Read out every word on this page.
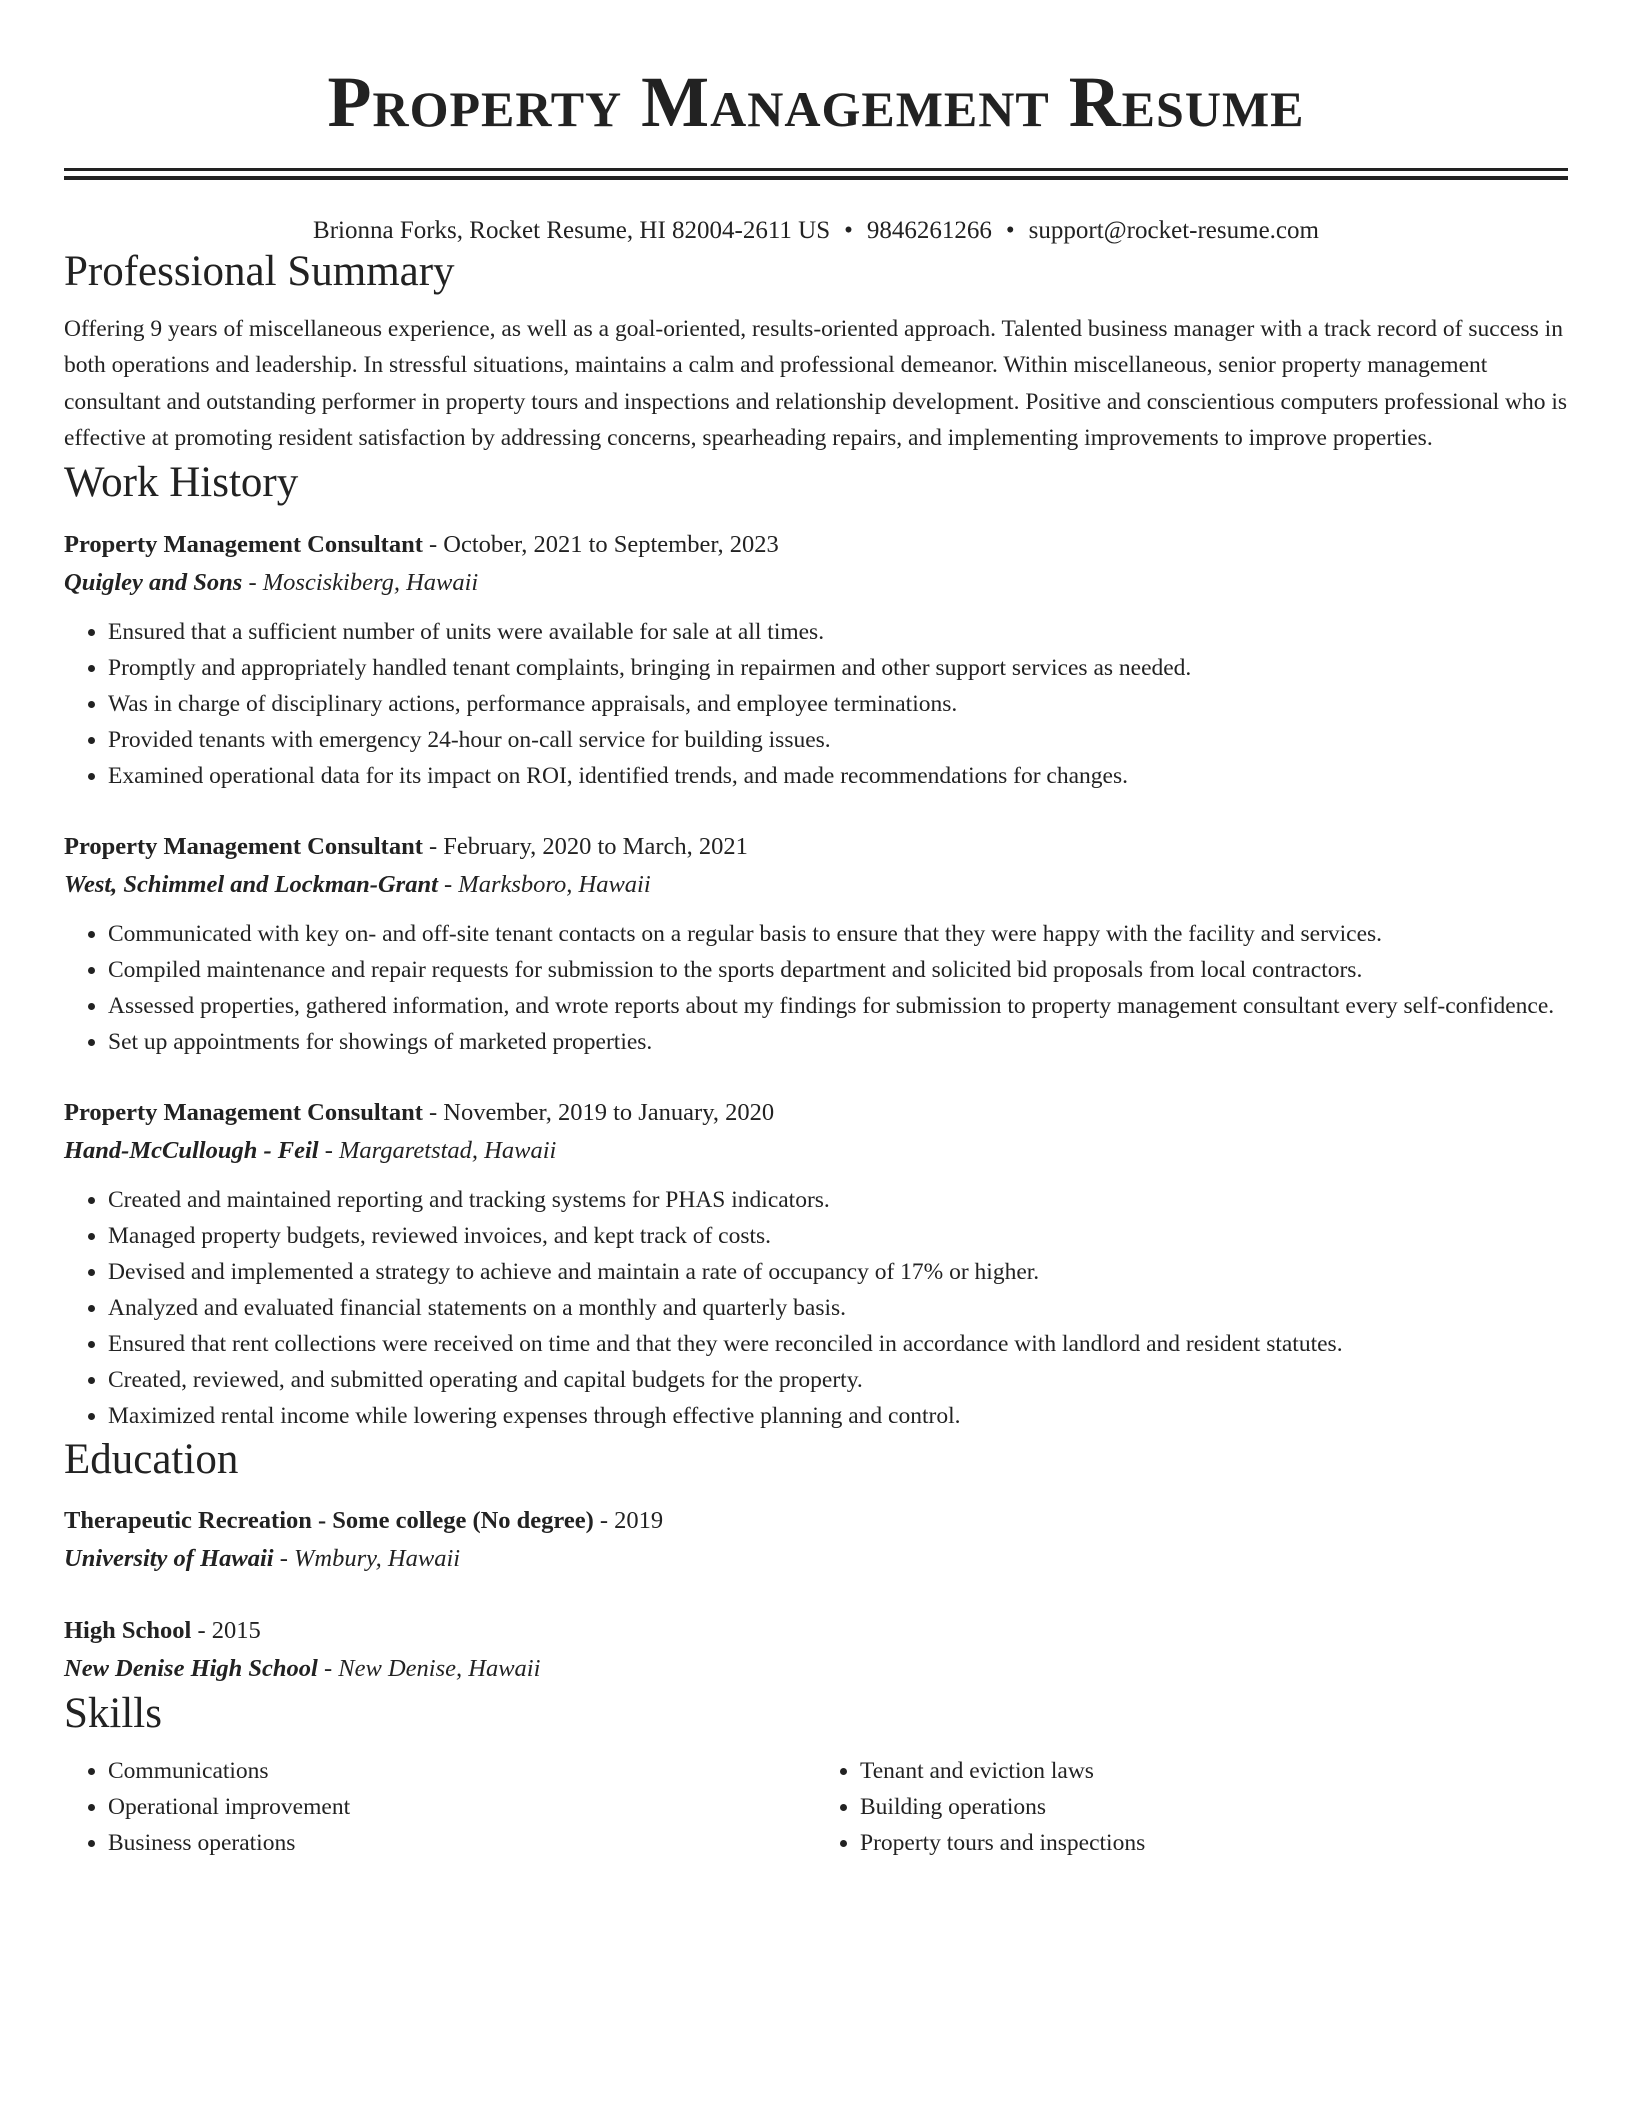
Property Management Resume
Brionna Forks, Rocket Resume, HI 82004-2611 US • 9846261266 • support@rocket-resume.com
Professional Summary
Offering 9 years of miscellaneous experience, as well as a goal-oriented, results-oriented approach. Talented business manager with a track record of success in both operations and leadership. In stressful situations, maintains a calm and professional demeanor. Within miscellaneous, senior property management consultant and outstanding performer in property tours and inspections and relationship development. Positive and conscientious computers professional who is effective at promoting resident satisfaction by addressing concerns, spearheading repairs, and implementing improvements to improve properties.
Work History
Property Management Consultant - October, 2021 to September, 2023
Quigley and Sons - Mosciskiberg, Hawaii
• Ensured that a sufficient number of units were available for sale at all times.
• Promptly and appropriately handled tenant complaints, bringing in repairmen and other support services as needed.
• Was in charge of disciplinary actions, performance appraisals, and employee terminations.
• Provided tenants with emergency 24-hour on-call service for building issues.
• Examined operational data for its impact on ROI, identified trends, and made recommendations for changes.
Property Management Consultant - February, 2020 to March, 2021
West, Schimmel and Lockman-Grant - Marksboro, Hawaii
• Communicated with key on- and off-site tenant contacts on a regular basis to ensure that they were happy with the facility and services.
• Compiled maintenance and repair requests for submission to the sports department and solicited bid proposals from local contractors.
• Assessed properties, gathered information, and wrote reports about my findings for submission to property management consultant every self-confidence.
• Set up appointments for showings of marketed properties.
Property Management Consultant - November, 2019 to January, 2020
Hand-McCullough - Feil - Margaretstad, Hawaii
• Created and maintained reporting and tracking systems for PHAS indicators.
• Managed property budgets, reviewed invoices, and kept track of costs.
• Devised and implemented a strategy to achieve and maintain a rate of occupancy of 17% or higher.
• Analyzed and evaluated financial statements on a monthly and quarterly basis.
• Ensured that rent collections were received on time and that they were reconciled in accordance with landlord and resident statutes.
• Created, reviewed, and submitted operating and capital budgets for the property.
• Maximized rental income while lowering expenses through effective planning and control.
Education
Therapeutic Recreation - Some college (No degree) - 2019
University of Hawaii - Wmbury, Hawaii
High School - 2015
New Denise High School - New Denise, Hawaii
Skills
• Communications
• Operational improvement
• Business operations
• Tenant and eviction laws
• Building operations
• Property tours and inspections
